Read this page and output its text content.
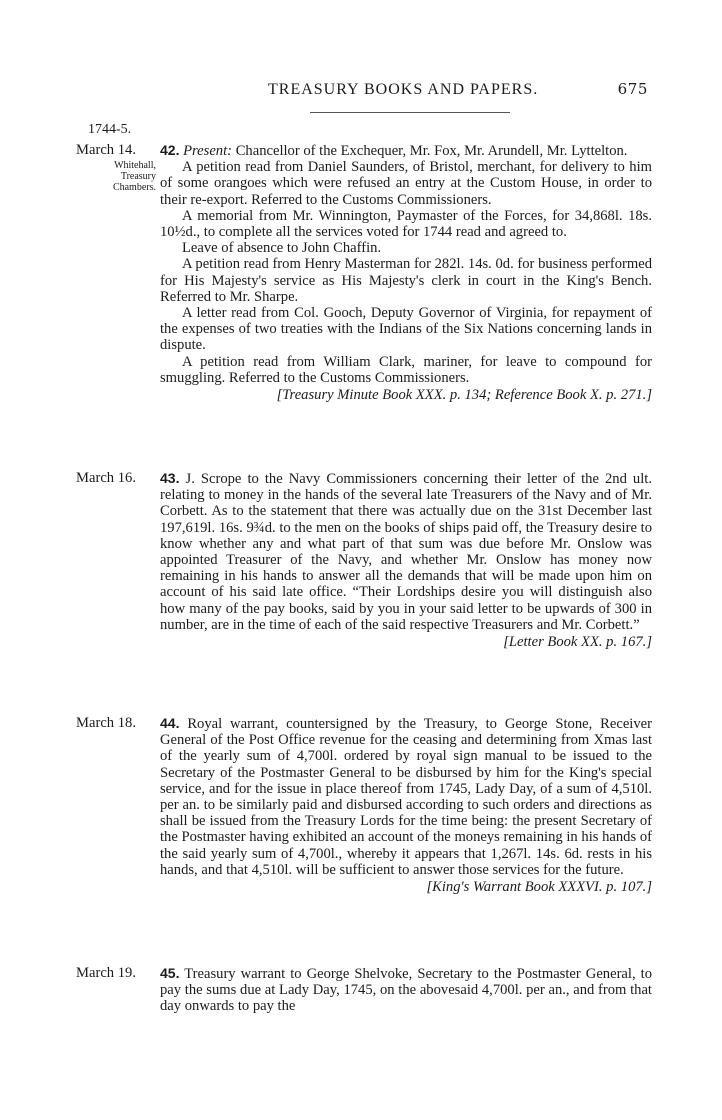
TREASURY BOOKS AND PAPERS.	675
1744-5.
March 14.
Whitehall,
Treasury
Chambers.

42. Present: Chancellor of the Exchequer, Mr. Fox, Mr. Arundell, Mr. Lyttelton.

A petition read from Daniel Saunders, of Bristol, merchant, for delivery to him of some orangoes which were refused an entry at the Custom House, in order to their re-export. Referred to the Customs Commissioners.

A memorial from Mr. Winnington, Paymaster of the Forces, for 34,868l. 18s. 10½d., to complete all the services voted for 1744 read and agreed to.

Leave of absence to John Chaffin.

A petition read from Henry Masterman for 282l. 14s. 0d. for business performed for His Majesty's service as His Majesty's clerk in court in the King's Bench. Referred to Mr. Sharpe.

A letter read from Col. Gooch, Deputy Governor of Virginia, for repayment of the expenses of two treaties with the Indians of the Six Nations concerning lands in dispute.

A petition read from William Clark, mariner, for leave to compound for smuggling. Referred to the Customs Commissioners.

[Treasury Minute Book XXX. p. 134; Reference Book X. p. 271.]
March 16. 43. J. Scrope to the Navy Commissioners concerning their letter of the 2nd ult. relating to money in the hands of the several late Treasurers of the Navy and of Mr. Corbett. As to the statement that there was actually due on the 31st December last 197,619l. 16s. 9¾d. to the men on the books of ships paid off, the Treasury desire to know whether any and what part of that sum was due before Mr. Onslow was appointed Treasurer of the Navy, and whether Mr. Onslow has money now remaining in his hands to answer all the demands that will be made upon him on account of his said late office. “Their Lordships desire you will distinguish also how many of the pay books, said by you in your said letter to be upwards of 300 in number, are in the time of each of the said respective Treasurers and Mr. Corbett.”

[Letter Book XX. p. 167.]
March 18. 44. Royal warrant, countersigned by the Treasury, to George Stone, Receiver General of the Post Office revenue for the ceasing and determining from Xmas last of the yearly sum of 4,700l. ordered by royal sign manual to be issued to the Secretary of the Postmaster General to be disbursed by him for the King's special service, and for the issue in place thereof from 1745, Lady Day, of a sum of 4,510l. per an. to be similarly paid and disbursed according to such orders and directions as shall be issued from the Treasury Lords for the time being: the present Secretary of the Postmaster having exhibited an account of the moneys remaining in his hands of the said yearly sum of 4,700l., whereby it appears that 1,267l. 14s. 6d. rests in his hands, and that 4,510l. will be sufficient to answer those services for the future.

[King's Warrant Book XXXVI. p. 107.]
March 19. 45. Treasury warrant to George Shelvoke, Secretary to the Postmaster General, to pay the sums due at Lady Day, 1745, on the abovesaid 4,700l. per an., and from that day onwards to pay the
